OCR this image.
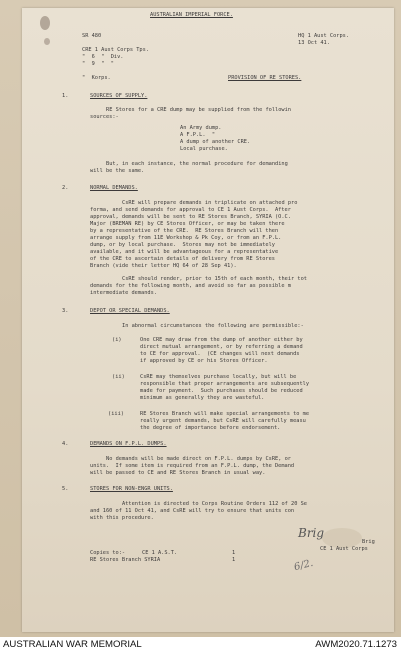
AUSTRALIAN IMPERIAL FORCE.
SR 480	HQ 1 Aust Corps.
13 Oct 41.
CRE 1 Aust Corps Tps.
"  6  "  Div.
"  9  "  "
"  Korps.	PROVISION OF RE STORES.
1.	SOURCES OF SUPPLY.
RE Stores for a CRE dump may be supplied from the followin
sources:-
An Army dump.
A F.P.L.  "
A dump of another CRE.
Local purchase.
But, in each instance, the normal procedure for demanding
will be the same.
2.	NORMAL DEMANDS.
CsRE will prepare demands in triplicate on attached pro
forma, and send demands for approval to CE 1 Aust Corps.  After
approval, demands will be sent to RE Stores Branch, SYRIA (O.C.
Major (BREMAN RE) by CE Stores Officer, or may be taken there
by a representative of the CRE.  RE Stores Branch will then
arrange supply from 11E Workshop & Pk Coy, or from an F.P.L.
dump, or by local purchase.  Stores may not be immediately
available, and it will be advantageous for a representative
of the CRE to ascertain details of delivery from RE Stores
Branch (vide their letter HQ 64 of 28 Sep 41).
CsRE should render, prior to 15th of each month, their tot
demands for the following month, and avoid so far as possible m
intermediate demands.
3.	DEPOT OR SPECIAL DEMANDS.
In abnormal circumstances the following are permissible:-
(i)	One CRE may draw from the dump of another either by
direct mutual arrangement, or by referring a demand
to CE for approval.  (CE changes will next demands
if approved by CE or his Stores Officer.
(ii)	CsRE may themselves purchase locally, but will be
responsible that proper arrangements are subsequently
made for payment.  Such purchases should be reduced
minimum as generally they are wasteful.
(iii)	RE Stores Branch will make special arrangements to me
really urgent demands, but CsRE will carefully measu
the degree of importance before endorsement.
4.	DEMANDS ON F.P.L. DUMPS.
No demands will be made direct on F.P.L. dumps by CsRE, or
units.  If some item is required from an F.P.L. dump, the Demand
will be passed to CE and RE Stores Branch in usual way.
5.	STORES FOR NON-ENGR UNITS.
Attention is directed to Corps Routine Orders 112 of 20 Se
and 160 of 11 Oct 41, and CsRE will try to ensure that units con
with this procedure.
Brig
Brig
CE 1 Aust Corps
Copies to:-	CE 1 A.S.T.	1
RE Stores Branch SYRIA	1	6/2.
AUSTRALIAN WAR MEMORIAL	AWM2020.71.1273
